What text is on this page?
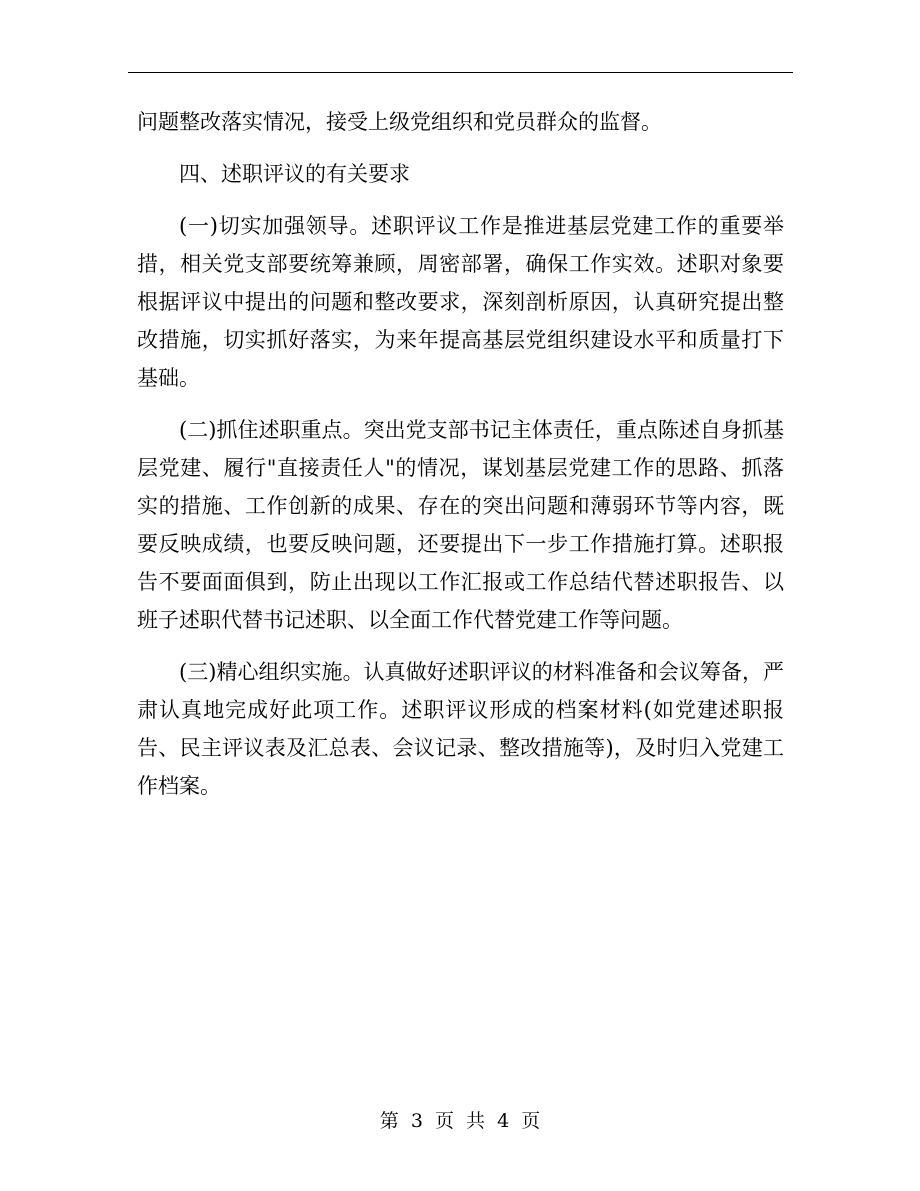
问题整改落实情况，接受上级党组织和党员群众的监督。

四、述职评议的有关要求

(一)切实加强领导。述职评议工作是推进基层党建工作的重要举措，相关党支部要统筹兼顾，周密部署，确保工作实效。述职对象要根据评议中提出的问题和整改要求，深刻剖析原因，认真研究提出整改措施，切实抓好落实，为来年提高基层党组织建设水平和质量打下基础。

(二)抓住述职重点。突出党支部书记主体责任，重点陈述自身抓基层党建、履行"直接责任人"的情况，谋划基层党建工作的思路、抓落实的措施、工作创新的成果、存在的突出问题和薄弱环节等内容，既要反映成绩，也要反映问题，还要提出下一步工作措施打算。述职报告不要面面俱到，防止出现以工作汇报或工作总结代替述职报告、以班子述职代替书记述职、以全面工作代替党建工作等问题。

(三)精心组织实施。认真做好述职评议的材料准备和会议筹备，严肃认真地完成好此项工作。述职评议形成的档案材料(如党建述职报告、民主评议表及汇总表、会议记录、整改措施等)，及时归入党建工作档案。

第 3 页 共 4 页
